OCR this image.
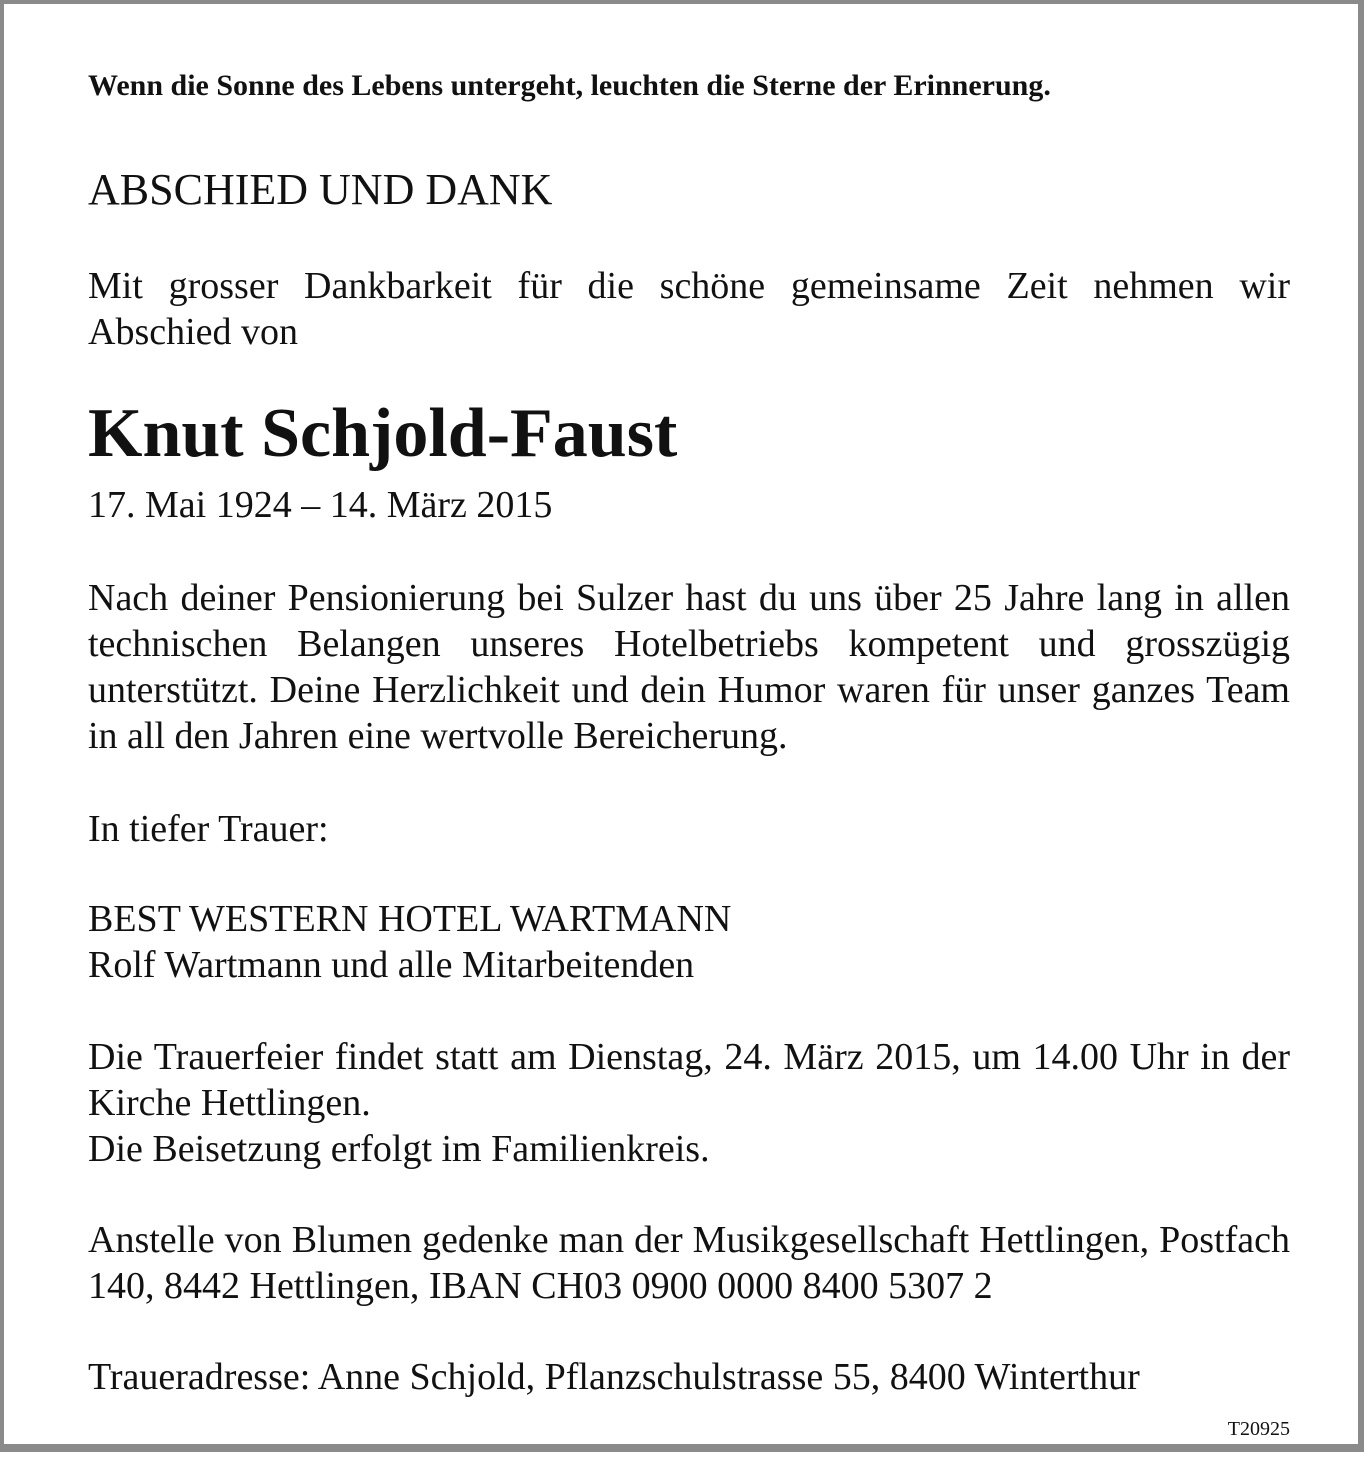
Wenn die Sonne des Lebens untergeht, leuchten die Sterne der Erinnerung.
ABSCHIED UND DANK
Mit grosser Dankbarkeit für die schöne gemeinsame Zeit nehmen wir Abschied von
Knut Schjold-Faust
17. Mai 1924 – 14. März 2015
Nach deiner Pensionierung bei Sulzer hast du uns über 25 Jahre lang in allen technischen Belangen unseres Hotelbetriebs kompetent und grosszügig unterstützt. Deine Herzlichkeit und dein Humor waren für unser ganzes Team in all den Jahren eine wertvolle Bereicherung.
In tiefer Trauer:
BEST WESTERN HOTEL WARTMANN
Rolf Wartmann und alle Mitarbeitenden
Die Trauerfeier findet statt am Dienstag, 24. März 2015, um 14.00 Uhr in der Kirche Hettlingen.
Die Beisetzung erfolgt im Familienkreis.
Anstelle von Blumen gedenke man der Musikgesellschaft Hettlingen, Postfach 140, 8442 Hettlingen, IBAN CH03 0900 0000 8400 5307 2
Traueradresse: Anne Schjold, Pflanzschulstrasse 55, 8400 Winterthur
T20925
